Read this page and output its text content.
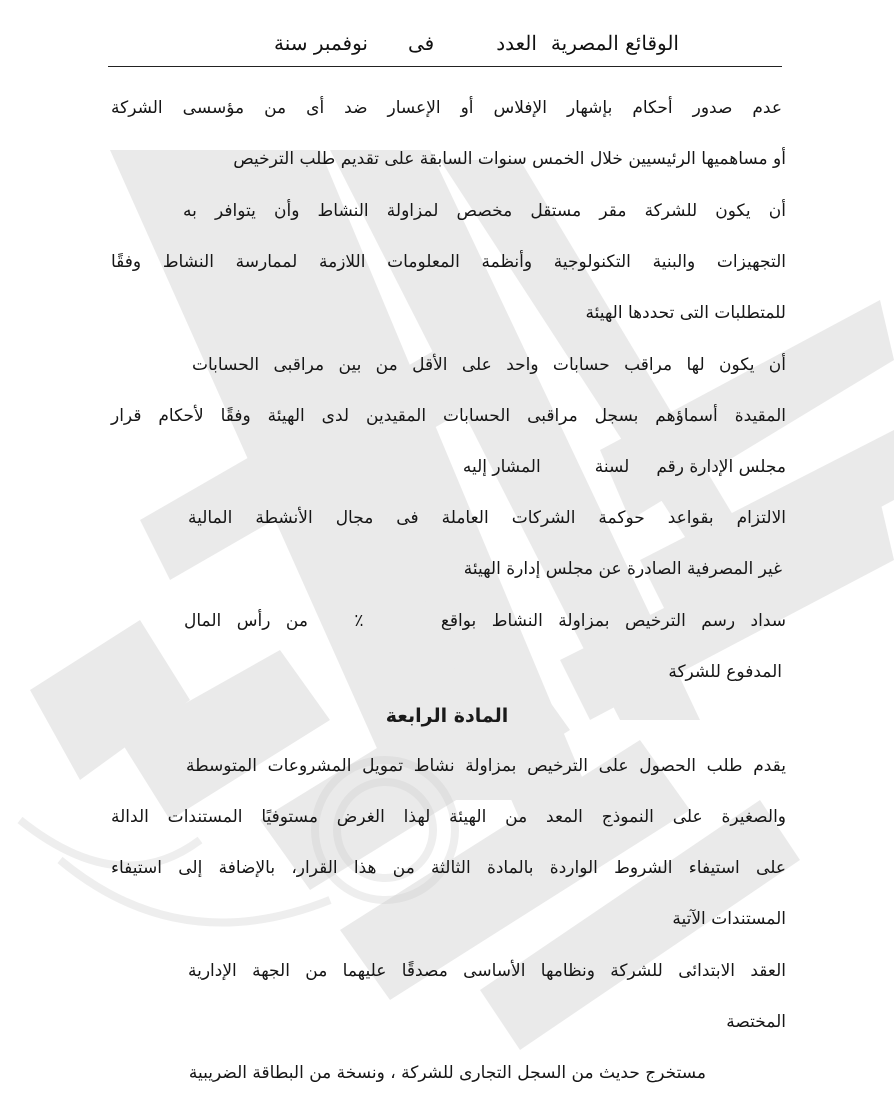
الوقائع المصرية
العدد
فى
نوفمبر سنة
عدم صدور أحكام بإشهار الإفلاس أو الإعسار ضد أى من مؤسسى الشركة
أو مساهميها الرئيسيين خلال الخمس سنوات السابقة على تقديم طلب الترخيص
أن يكون للشركة مقر مستقل مخصص لمزاولة النشاط وأن يتوافر به
التجهيزات والبنية التكنولوجية وأنظمة المعلومات اللازمة لممارسة النشاط وفقًا
للمتطلبات التى تحددها الهيئة
أن يكون لها مراقب حسابات واحد على الأقل من بين مراقبى الحسابات
المقيدة أسماؤهم بسجل مراقبى الحسابات المقيدين لدى الهيئة وفقًا لأحكام قرار
مجلس الإدارة رقم     لسنة          المشار إليه
الالتزام بقواعد حوكمة الشركات العاملة فى مجال الأنشطة المالية
غير المصرفية الصادرة عن مجلس إدارة الهيئة
سداد رسم الترخيص بمزاولة النشاط بواقع     ٪   من رأس المال
المدفوع للشركة
المادة الرابعة
يقدم طلب الحصول على الترخيص بمزاولة نشاط تمويل المشروعات المتوسطة
والصغيرة على النموذج المعد من الهيئة لهذا الغرض مستوفيًا المستندات الدالة
على استيفاء الشروط الواردة بالمادة الثالثة من هذا القرار، بالإضافة إلى استيفاء
المستندات الآتية
العقد الابتدائى للشركة ونظامها الأساسى مصدقًا عليهما من الجهة الإدارية
المختصة
مستخرج حديث من السجل التجارى للشركة ، ونسخة من البطاقة الضريبية
